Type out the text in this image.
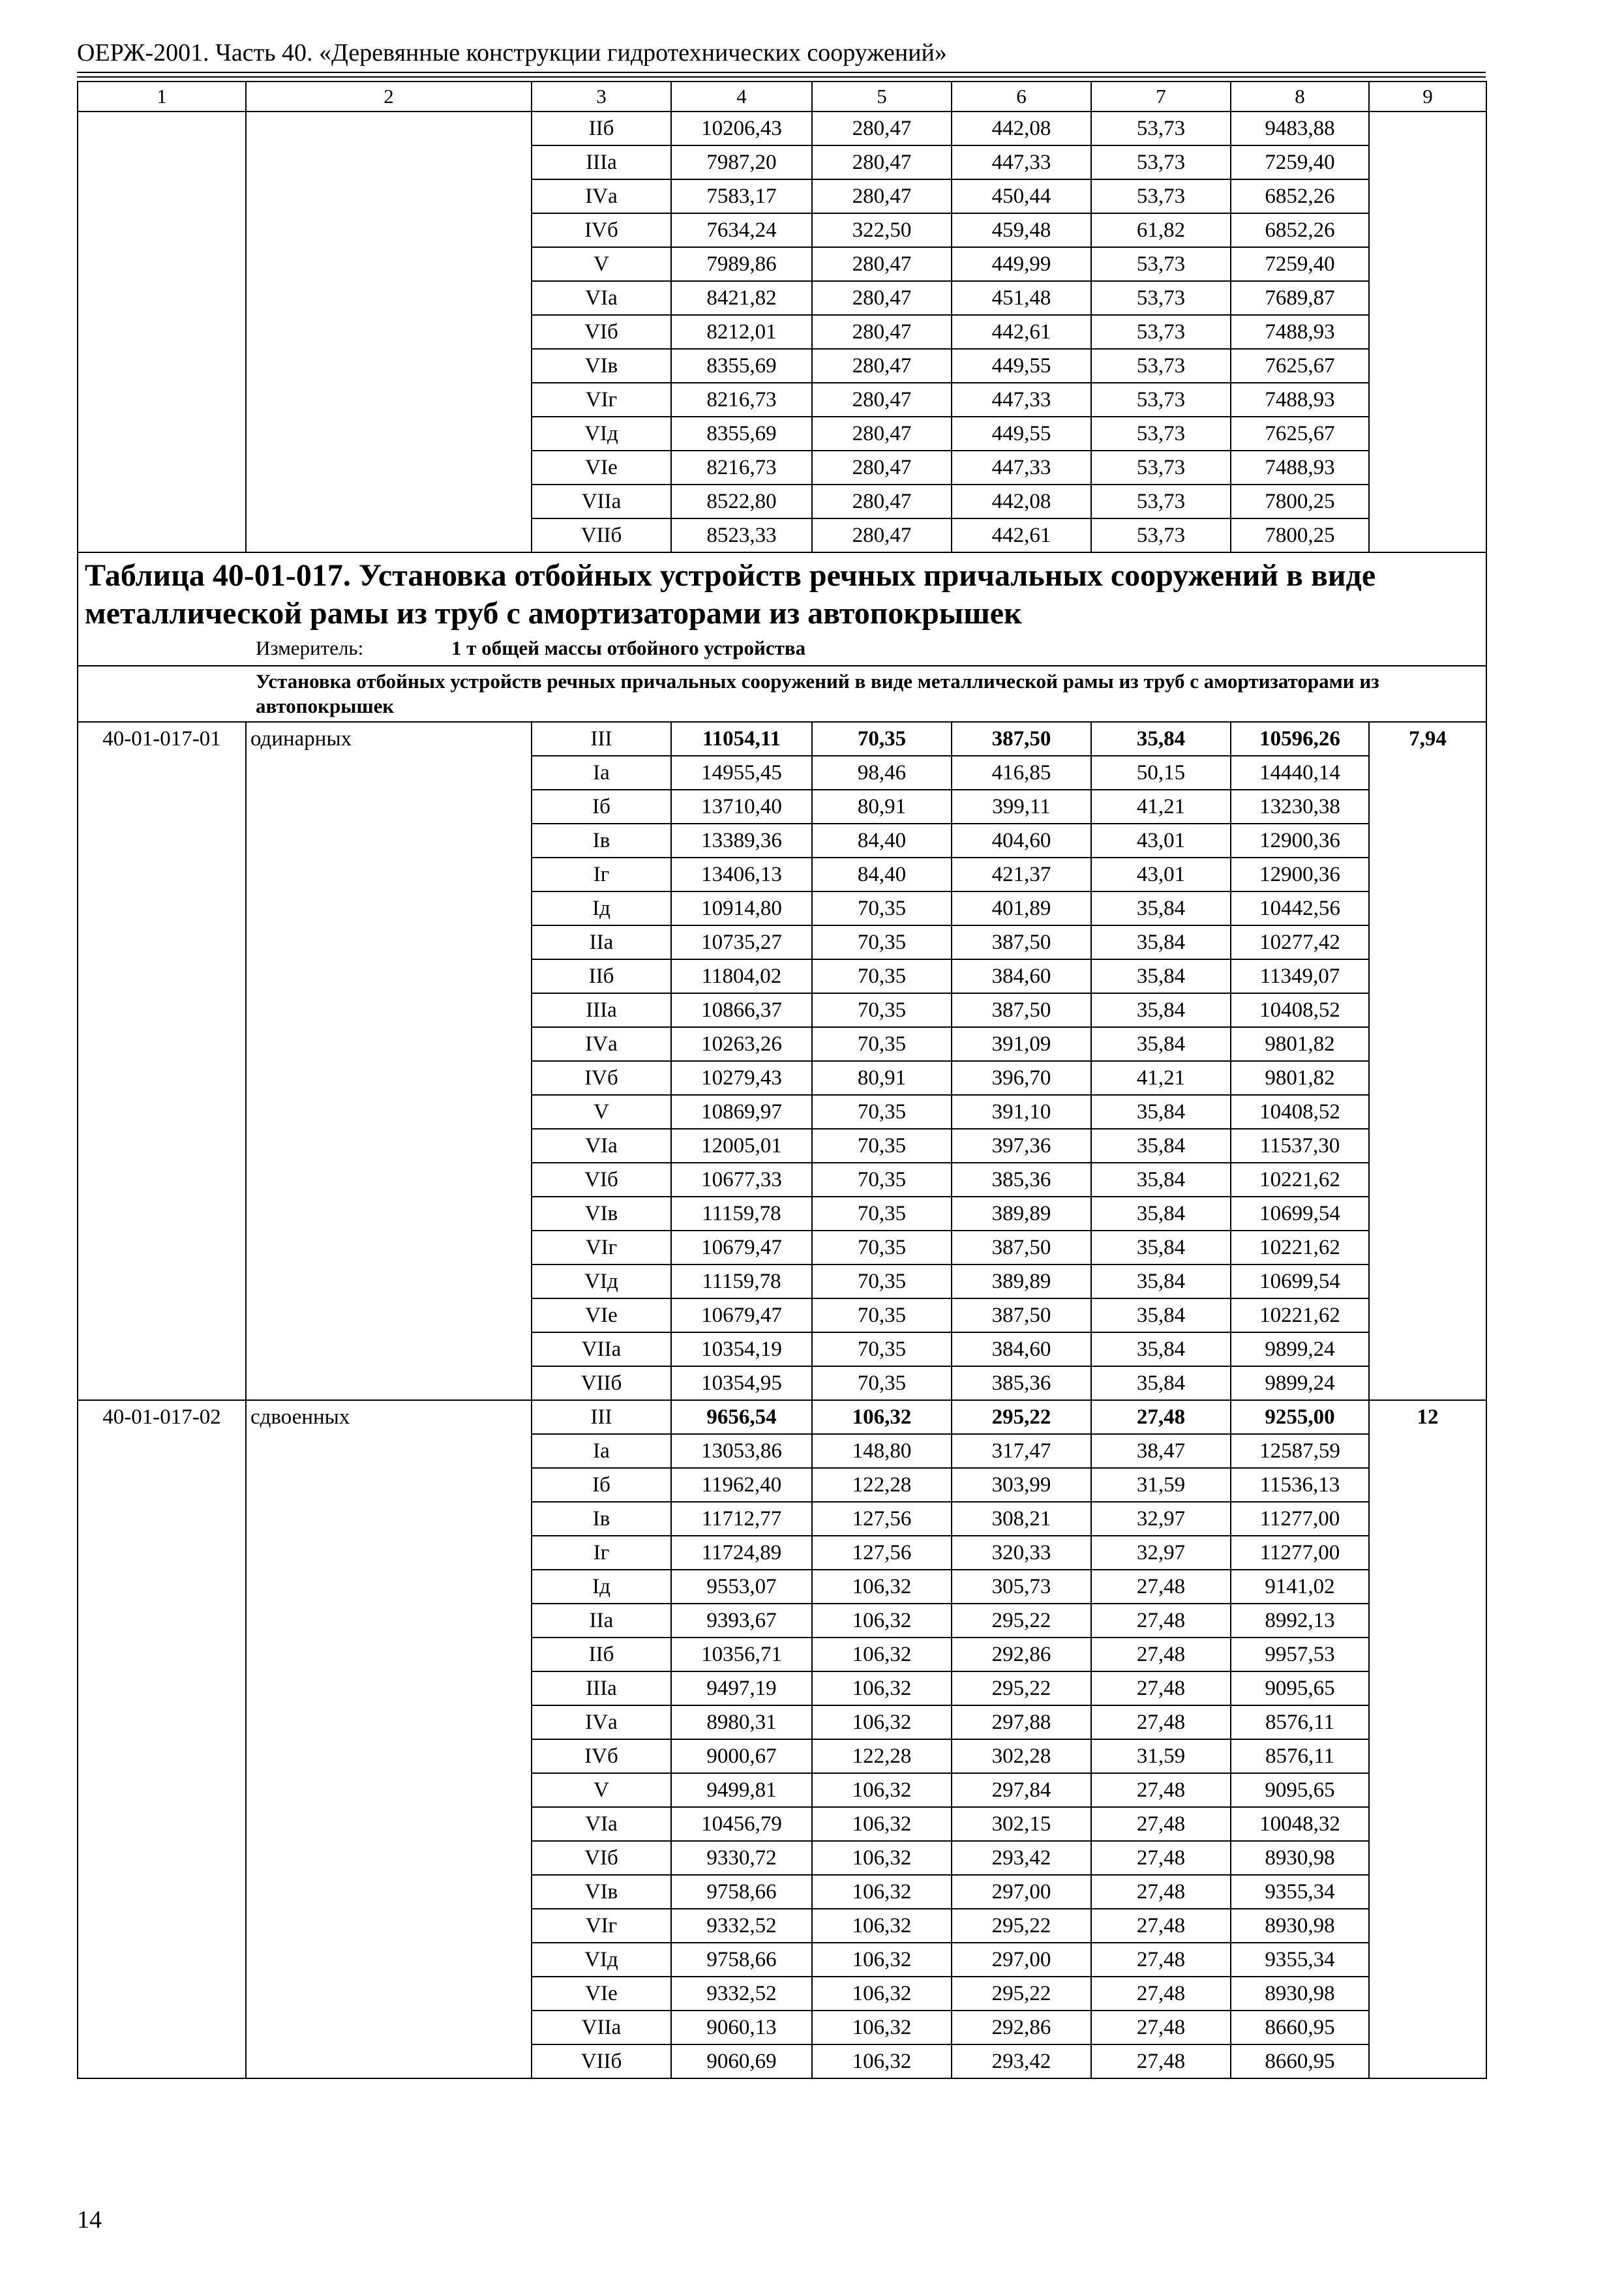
ОЕРЖ-2001. Часть 40. «Деревянные конструкции гидротехнических сооружений»
1	2	3	4	5	6	7	8	9
		IIб	10206,43	280,47	442,08	53,73	9483,88	
		IIIа	7987,20	280,47	447,33	53,73	7259,40	
		IVа	7583,17	280,47	450,44	53,73	6852,26	
		IVб	7634,24	322,50	459,48	61,82	6852,26	
		V	7989,86	280,47	449,99	53,73	7259,40	
		VIа	8421,82	280,47	451,48	53,73	7689,87	
		VIб	8212,01	280,47	442,61	53,73	7488,93	
		VIв	8355,69	280,47	449,55	53,73	7625,67	
		VIг	8216,73	280,47	447,33	53,73	7488,93	
		VIд	8355,69	280,47	449,55	53,73	7625,67	
		VIе	8216,73	280,47	447,33	53,73	7488,93	
		VIIа	8522,80	280,47	442,08	53,73	7800,25	
		VIIб	8523,33	280,47	442,61	53,73	7800,25	

Таблица 40-01-017. Установка отбойных устройств речных причальных сооружений в виде металлической рамы из труб с амортизаторами из автопокрышек
Измеритель: 1 т общей массы отбойного устройства								

Установка отбойных устройств речных причальных сооружений в виде металлической рамы из труб с амортизаторами из автопокрышек								
40-01-017-01	одинарных	III	11054,11	70,35	387,50	35,84	10596,26	7,94
		Iа	14955,45	98,46	416,85	50,15	14440,14	
		Iб	13710,40	80,91	399,11	41,21	13230,38	
		Iв	13389,36	84,40	404,60	43,01	12900,36	
		Iг	13406,13	84,40	421,37	43,01	12900,36	
		Iд	10914,80	70,35	401,89	35,84	10442,56	
		IIа	10735,27	70,35	387,50	35,84	10277,42	
		IIб	11804,02	70,35	384,60	35,84	11349,07	
		IIIа	10866,37	70,35	387,50	35,84	10408,52	
		IVа	10263,26	70,35	391,09	35,84	9801,82	
		IVб	10279,43	80,91	396,70	41,21	9801,82	
		V	10869,97	70,35	391,10	35,84	10408,52	
		VIа	12005,01	70,35	397,36	35,84	11537,30	
		VIб	10677,33	70,35	385,36	35,84	10221,62	
		VIв	11159,78	70,35	389,89	35,84	10699,54	
		VIг	10679,47	70,35	387,50	35,84	10221,62	
		VIд	11159,78	70,35	389,89	35,84	10699,54	
		VIе	10679,47	70,35	387,50	35,84	10221,62	
		VIIа	10354,19	70,35	384,60	35,84	9899,24	
		VIIб	10354,95	70,35	385,36	35,84	9899,24	
40-01-017-02	сдвоенных	III	9656,54	106,32	295,22	27,48	9255,00	12
		Iа	13053,86	148,80	317,47	38,47	12587,59	
		Iб	11962,40	122,28	303,99	31,59	11536,13	
		Iв	11712,77	127,56	308,21	32,97	11277,00	
		Iг	11724,89	127,56	320,33	32,97	11277,00	
		Iд	9553,07	106,32	305,73	27,48	9141,02	
		IIа	9393,67	106,32	295,22	27,48	8992,13	
		IIб	10356,71	106,32	292,86	27,48	9957,53	
		IIIа	9497,19	106,32	295,22	27,48	9095,65	
		IVа	8980,31	106,32	297,88	27,48	8576,11	
		IVб	9000,67	122,28	302,28	31,59	8576,11	
		V	9499,81	106,32	297,84	27,48	9095,65	
		VIа	10456,79	106,32	302,15	27,48	10048,32	
		VIб	9330,72	106,32	293,42	27,48	8930,98	
		VIв	9758,66	106,32	297,00	27,48	9355,34	
		VIг	9332,52	106,32	295,22	27,48	8930,98	
		VIд	9758,66	106,32	297,00	27,48	9355,34	
		VIе	9332,52	106,32	295,22	27,48	8930,98	
		VIIа	9060,13	106,32	292,86	27,48	8660,95	
		VIIб	9060,69	106,32	293,42	27,48	8660,95	
14
